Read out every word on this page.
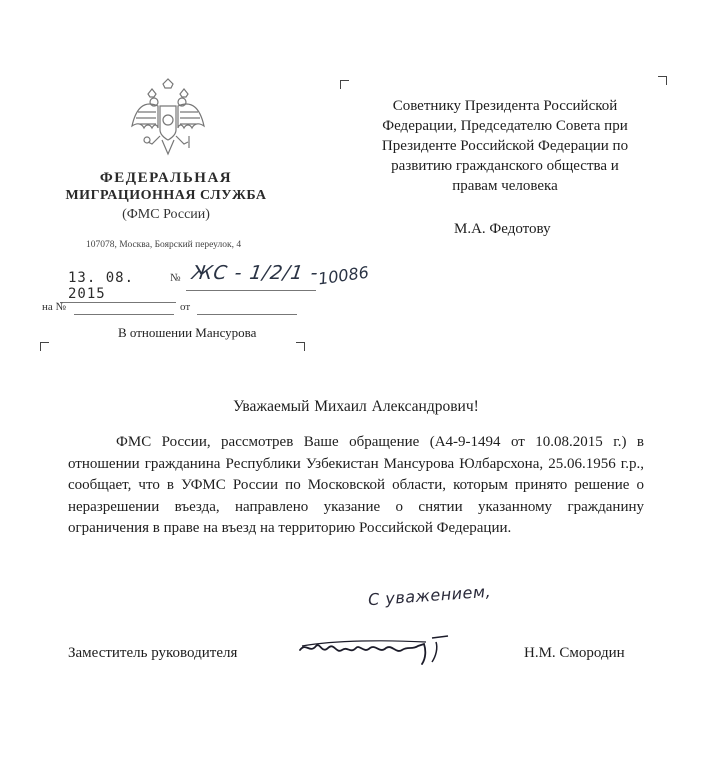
ФЕДЕРАЛЬНАЯ
МИГРАЦИОННАЯ СЛУЖБА
(ФМС России)
107078, Москва, Боярский переулок, 4
13. 08. 2015
№ ЖС - 1/2/1 -
10086
на №	от
В отношении Мансурова
Советнику Президента Российской
Федерации, Председателю Совета при
Президенте Российской Федерации по
развитию гражданского общества и
правам человека
М.А. Федотову
Уважаемый Михаил Александрович!
ФМС России, рассмотрев Ваше обращение (А4-9-1494 от 10.08.2015 г.) в отношении гражданина Республики Узбекистан Мансурова Юлбарсхона, 25.06.1956 г.р., сообщает, что в УФМС России по Московской области, которым принято решение о неразрешении въезда, направлено указание о снятии указанному гражданину ограничения в праве на въезд на территорию Российской Федерации.
С уважением,
Заместитель руководителя	Н.М. Смородин
